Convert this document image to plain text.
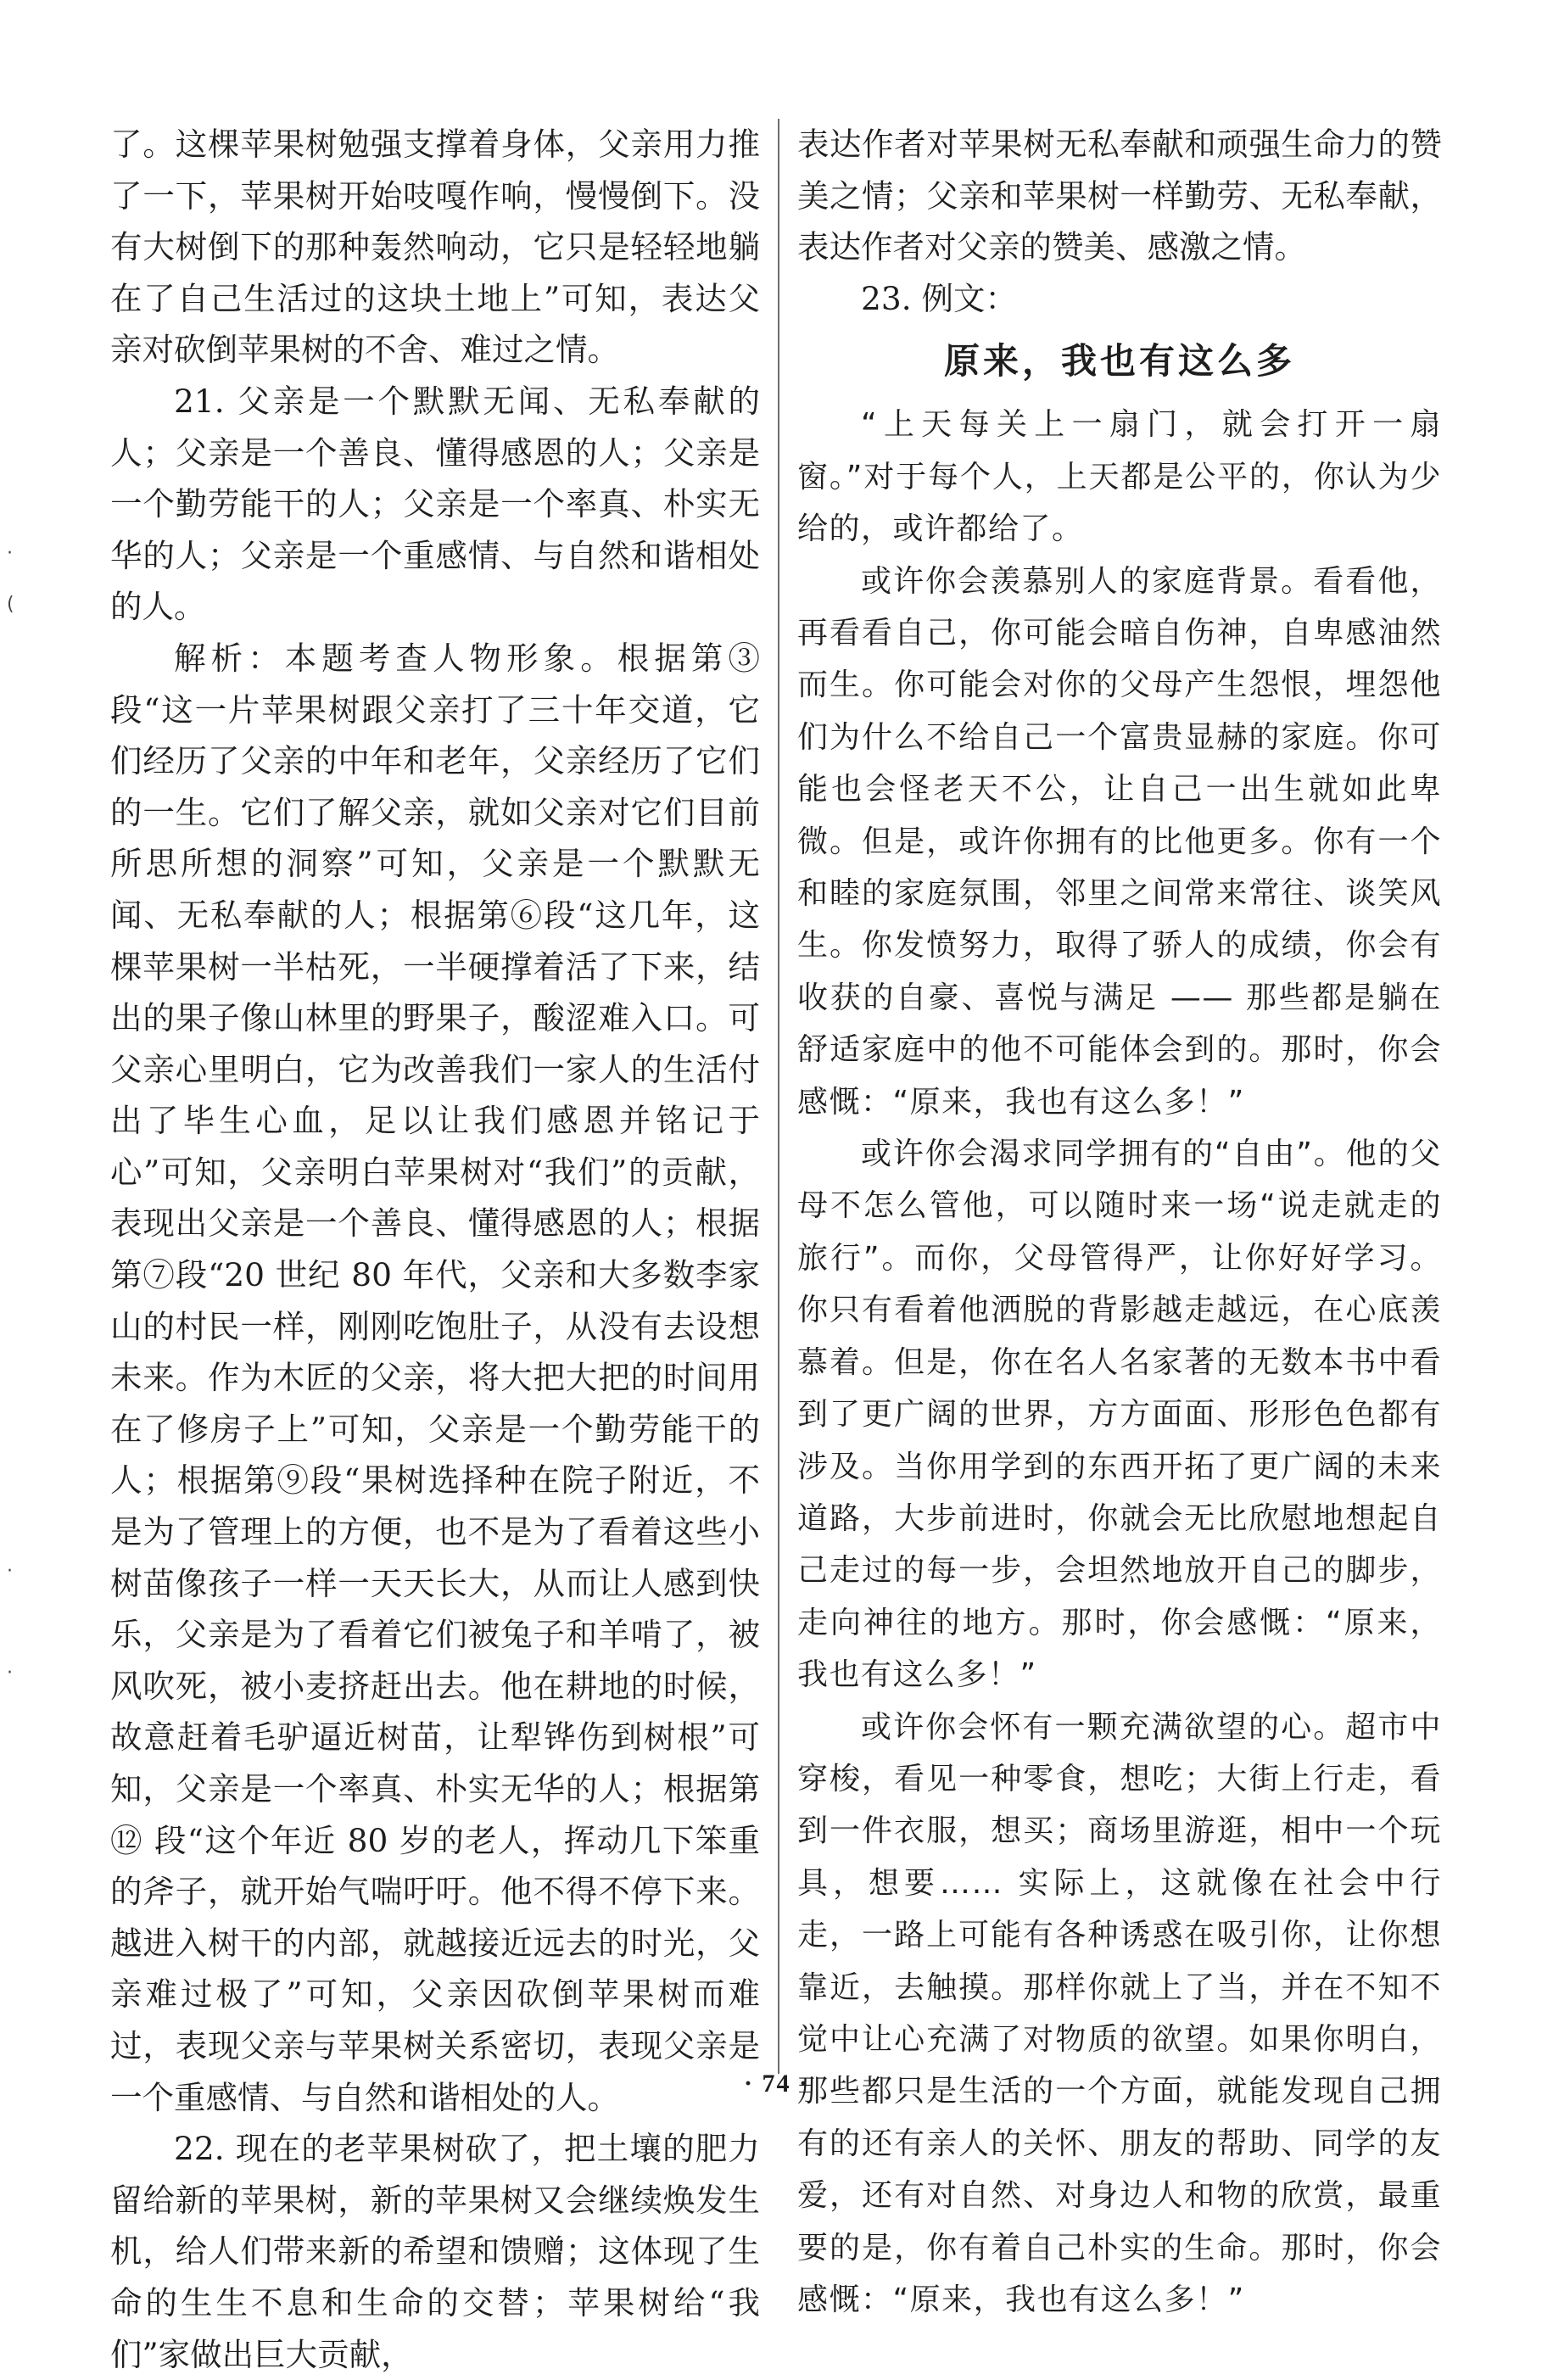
·
(
·
·

了。这棵苹果树勉强支撑着身体，父亲用力推了一下，苹果树开始吱嘎作响，慢慢倒下。没有大树倒下的那种轰然响动，它只是轻轻地躺在了自己生活过的这块土地上”可知，表达父亲对砍倒苹果树的不舍、难过之情。

21. 父亲是一个默默无闻、无私奉献的人；父亲是一个善良、懂得感恩的人；父亲是一个勤劳能干的人；父亲是一个率真、朴实无华的人；父亲是一个重感情、与自然和谐相处的人。

解析：本题考查人物形象。根据第③段“这一片苹果树跟父亲打了三十年交道，它们经历了父亲的中年和老年，父亲经历了它们的一生。它们了解父亲，就如父亲对它们目前所思所想的洞察”可知，父亲是一个默默无闻、无私奉献的人；根据第⑥段“这几年，这棵苹果树一半枯死，一半硬撑着活了下来，结出的果子像山林里的野果子，酸涩难入口。可父亲心里明白，它为改善我们一家人的生活付出了毕生心血，足以让我们感恩并铭记于心”可知，父亲明白苹果树对“我们”的贡献，表现出父亲是一个善良、懂得感恩的人；根据第⑦段“20 世纪 80 年代，父亲和大多数李家山的村民一样，刚刚吃饱肚子，从没有去设想未来。作为木匠的父亲，将大把大把的时间用在了修房子上”可知，父亲是一个勤劳能干的人；根据第⑨段“果树选择种在院子附近，不是为了管理上的方便，也不是为了看着这些小树苗像孩子一样一天天长大，从而让人感到快乐，父亲是为了看着它们被兔子和羊啃了，被风吹死，被小麦挤赶出去。他在耕地的时候，故意赶着毛驴逼近树苗，让犁铧伤到树根”可知，父亲是一个率真、朴实无华的人；根据第 ⑫ 段“这个年近 80 岁的老人，挥动几下笨重的斧子，就开始气喘吁吁。他不得不停下来。越进入树干的内部，就越接近远去的时光，父亲难过极了”可知，父亲因砍倒苹果树而难过，表现父亲与苹果树关系密切，表现父亲是一个重感情、与自然和谐相处的人。

22. 现在的老苹果树砍了，把土壤的肥力留给新的苹果树，新的苹果树又会继续焕发生机，给人们带来新的希望和馈赠；这体现了生命的生生不息和生命的交替；苹果树给“我们”家做出巨大贡献，

表达作者对苹果树无私奉献和顽强生命力的赞美之情；父亲和苹果树一样勤劳、无私奉献，表达作者对父亲的赞美、感激之情。

23. 例文：

原来，我也有这么多

“上天每关上一扇门，就会打开一扇窗。”对于每个人，上天都是公平的，你认为少给的，或许都给了。

或许你会羡慕别人的家庭背景。看看他，再看看自己，你可能会暗自伤神，自卑感油然而生。你可能会对你的父母产生怨恨，埋怨他们为什么不给自己一个富贵显赫的家庭。你可能也会怪老天不公，让自己一出生就如此卑微。但是，或许你拥有的比他更多。你有一个和睦的家庭氛围，邻里之间常来常往、谈笑风生。你发愤努力，取得了骄人的成绩，你会有收获的自豪、喜悦与满足 —— 那些都是躺在舒适家庭中的他不可能体会到的。那时，你会感慨：“原来，我也有这么多！”

或许你会渴求同学拥有的“自由”。他的父母不怎么管他，可以随时来一场“说走就走的旅行”。而你，父母管得严，让你好好学习。你只有看着他洒脱的背影越走越远，在心底羡慕着。但是，你在名人名家著的无数本书中看到了更广阔的世界，方方面面、形形色色都有涉及。当你用学到的东西开拓了更广阔的未来道路，大步前进时，你就会无比欣慰地想起自己走过的每一步，会坦然地放开自己的脚步，走向神往的地方。那时，你会感慨：“原来，我也有这么多！”

或许你会怀有一颗充满欲望的心。超市中穿梭，看见一种零食，想吃；大街上行走，看到一件衣服，想买；商场里游逛，相中一个玩具，想要…… 实际上，这就像在社会中行走，一路上可能有各种诱惑在吸引你，让你想靠近，去触摸。那样你就上了当，并在不知不觉中让心充满了对物质的欲望。如果你明白，那些都只是生活的一个方面，就能发现自己拥有的还有亲人的关怀、朋友的帮助、同学的友爱，还有对自然、对身边人和物的欣赏，最重要的是，你有着自己朴实的生命。那时，你会感慨：“原来，我也有这么多！”

· 74 ·
